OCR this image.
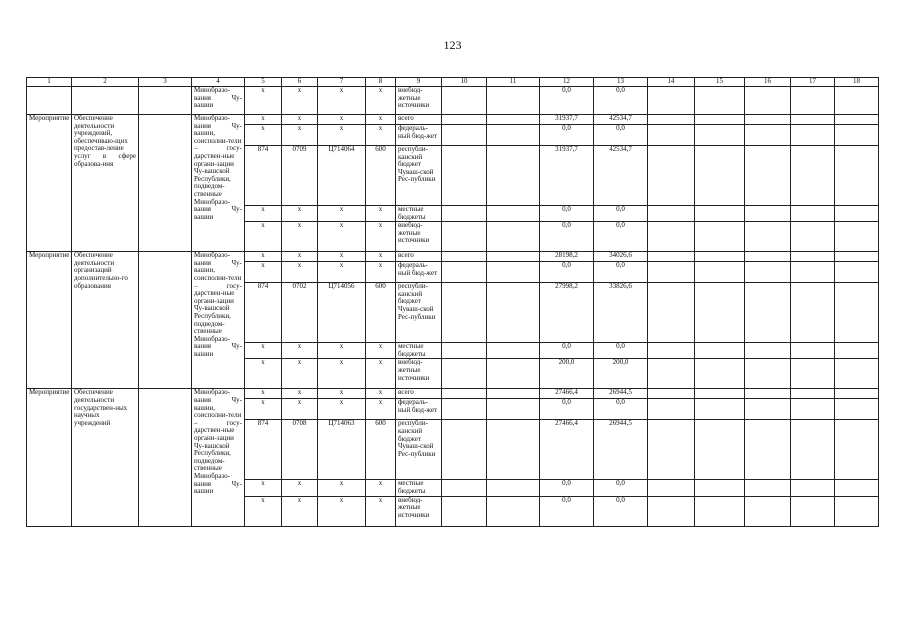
123
1	2	3	4	5	6	7	8	9	10	11	12	13	14	15	16	17	18
			Минобразо-вания Чу-вашии	x	x	x	x	внебюд-жетные источники			0,0	0,0					
Мероприятие	Обеспечение деятельности учреждений, обеспечиваю-щих предостав-ление услуг в сфере образова-ния		Минобразо-вания Чу-вашии, соисполни-тели – госу-дарствен-ные органи-зации Чу-вашской Республики, подведом-ственные Минобразо-вания Чу-вашии	x	x	x	x	всего			31937,7	42534,7					
				x	x	x	x	федераль-ный бюд-жет			0,0	0,0					
				874	0709	Ц714064	600	республи-канский бюджет Чуваш-ской Рес-публики			31937,7	42534,7					
				x	x	x	x	местные бюджеты			0,0	0,0					
				x	x	x	x	внебюд-жетные источники			0,0	0,0					
Мероприятие	Обеспечение деятельности организаций дополнительно-го образования		Минобразо-вания Чу-вашии, соисполни-тели – госу-дарствен-ные органи-зации Чу-вашской Республики, подведом-ственные Минобразо-вания Чу-вашии	x	x	x	x	всего			28198,2	34026,6					
				x	x	x	x	федераль-ный бюд-жет			0,0	0,0					
				874	0702	Ц714056	600	республи-канский бюджет Чуваш-ской Рес-публики			27998,2	33826,6					
				x	x	x	x	местные бюджеты			0,0	0,0					
				x	x	x	x	внебюд-жетные источники			200,0	200,0					
Мероприятие	Обеспечение деятельности государствен-ных научных учреждений		Минобразо-вания Чу-вашии, соисполни-тели – госу-дарствен-ные органи-зации Чу-вашской Республики, подведом-ственные Минобразо-вания Чу-вашии	x	x	x	x	всего			27466,4	26944,5					
				x	x	x	x	федераль-ный бюд-жет			0,0	0,0					
				874	0708	Ц714063	600	республи-канский бюджет Чуваш-ской Рес-публики			27466,4	26944,5					
				x	x	x	x	местные бюджеты			0,0	0,0					
				x	x	x	x	внебюд-жетные источники			0,0	0,0					
